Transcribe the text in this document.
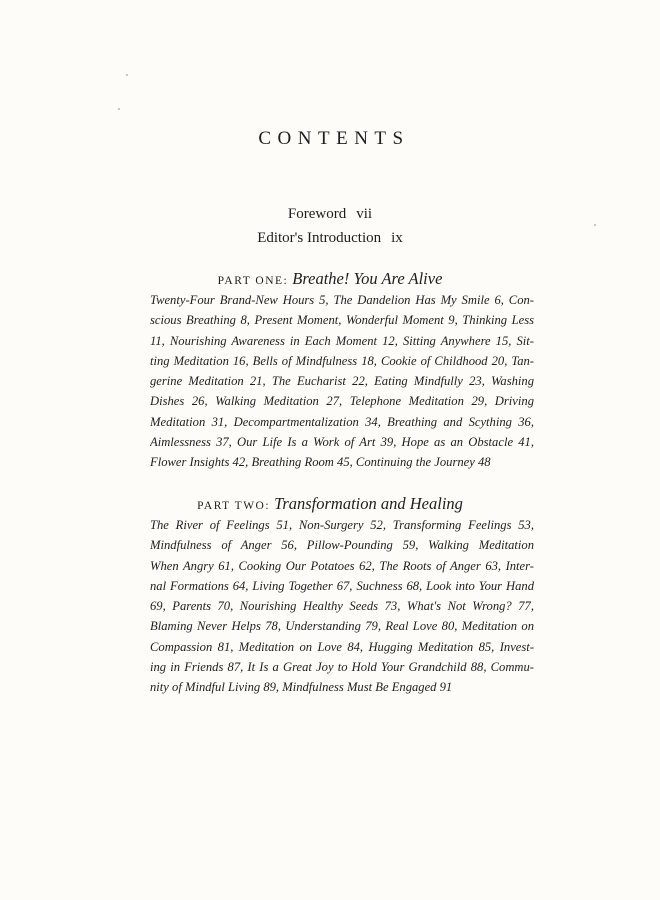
CONTENTS
Foreword vii
Editor's Introduction ix
PART ONE: Breathe! You Are Alive
Twenty-Four Brand-New Hours 5, The Dandelion Has My Smile 6, Con-
scious Breathing 8, Present Moment, Wonderful Moment 9, Thinking Less
11, Nourishing Awareness in Each Moment 12, Sitting Anywhere 15, Sit-
ting Meditation 16, Bells of Mindfulness 18, Cookie of Childhood 20, Tan-
gerine Meditation 21, The Eucharist 22, Eating Mindfully 23, Washing
Dishes 26, Walking Meditation 27, Telephone Meditation 29, Driving
Meditation 31, Decompartmentalization 34, Breathing and Scything 36,
Aimlessness 37, Our Life Is a Work of Art 39, Hope as an Obstacle 41,
Flower Insights 42, Breathing Room 45, Continuing the Journey 48
PART TWO: Transformation and Healing
The River of Feelings 51, Non-Surgery 52, Transforming Feelings 53,
Mindfulness of Anger 56, Pillow-Pounding 59, Walking Meditation
When Angry 61, Cooking Our Potatoes 62, The Roots of Anger 63, Inter-
nal Formations 64, Living Together 67, Suchness 68, Look into Your Hand
69, Parents 70, Nourishing Healthy Seeds 73, What's Not Wrong? 77,
Blaming Never Helps 78, Understanding 79, Real Love 80, Meditation on
Compassion 81, Meditation on Love 84, Hugging Meditation 85, Invest-
ing in Friends 87, It Is a Great Joy to Hold Your Grandchild 88, Commu-
nity of Mindful Living 89, Mindfulness Must Be Engaged 91
